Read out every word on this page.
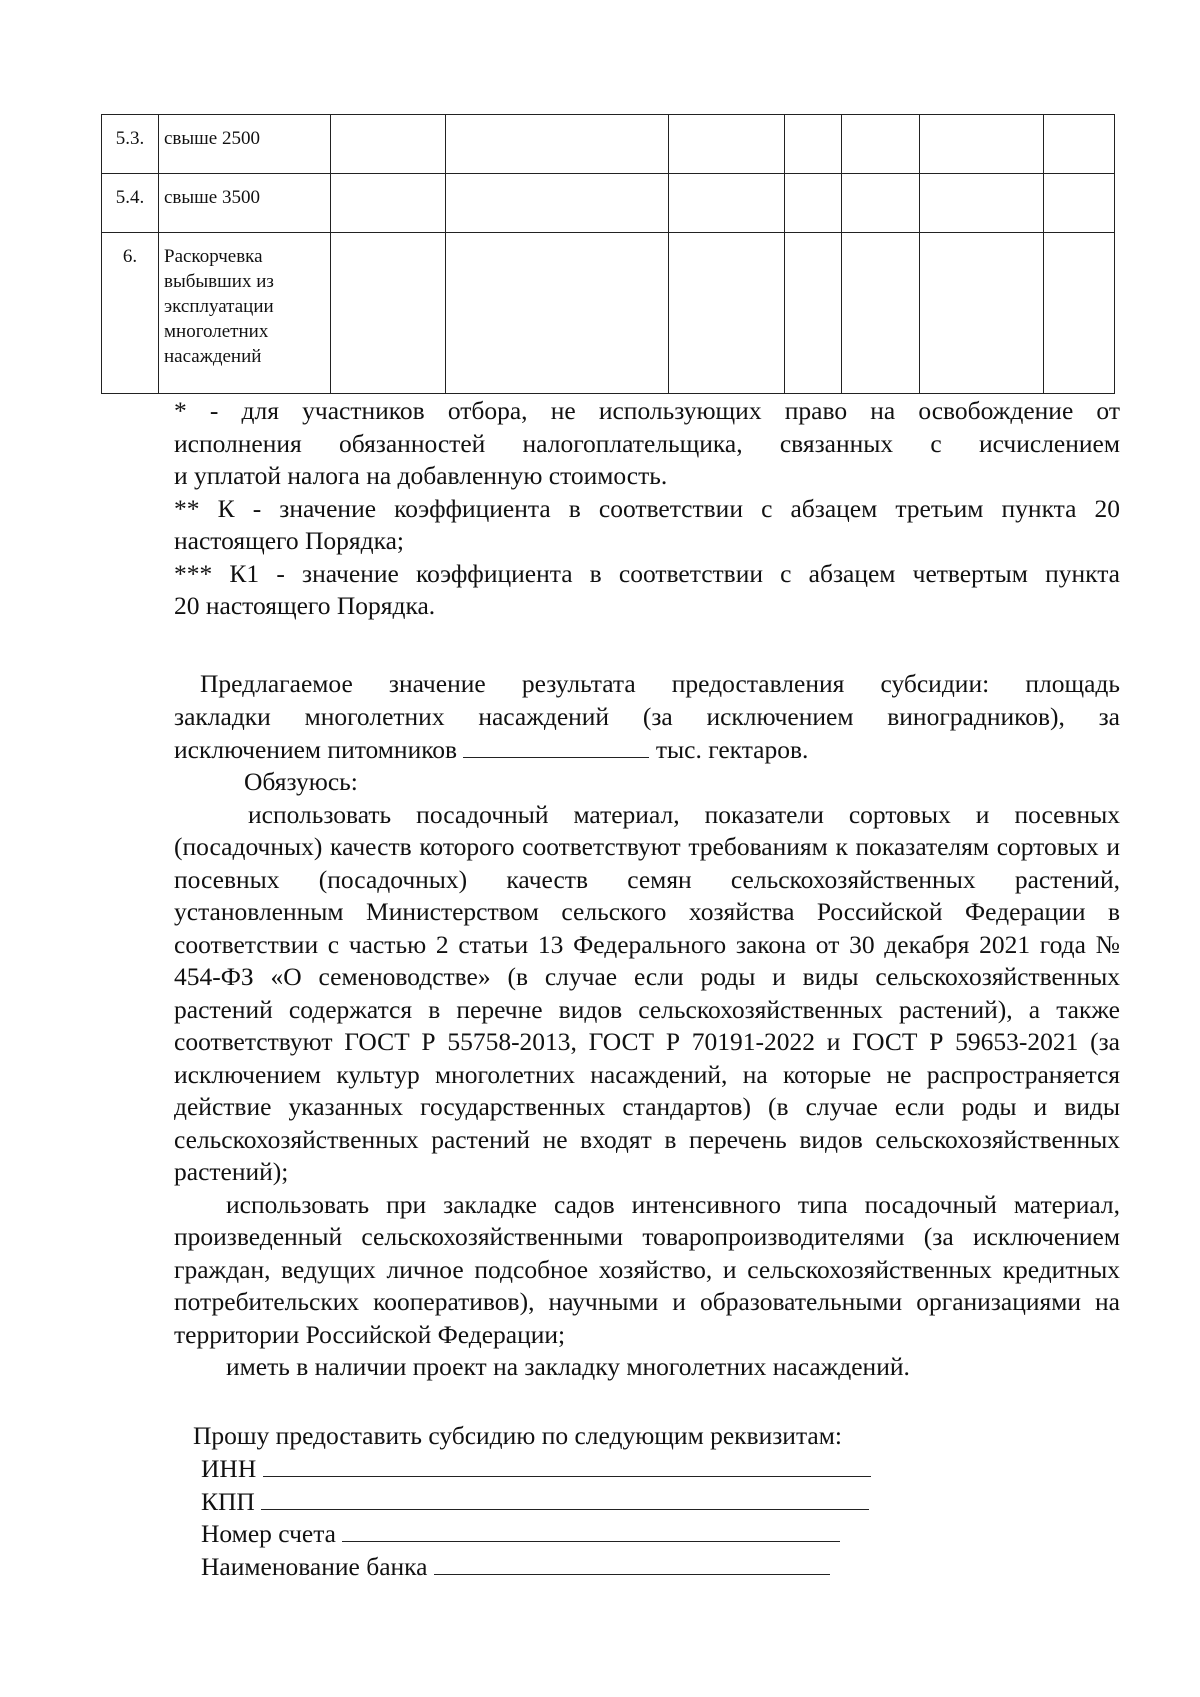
5.3.	свыше 2500							
5.4.	свыше 3500							
6.	Раскорчевка выбывших из эксплуатации многолетних насаждений							
* - для участников отбора, не использующих право на освобождение от
исполнения обязанностей налогоплательщика, связанных с исчислением
и уплатой налога на добавленную стоимость.
** К - значение коэффициента в соответствии с абзацем третьим пункта 20
настоящего Порядка;
*** К1 - значение коэффициента в соответствии с абзацем четвертым пункта
20 настоящего Порядка.
Предлагаемое значение результата предоставления субсидии: площадь
закладки многолетних насаждений (за исключением виноградников), за
исключением питомников	тыс. гектаров.
Обязуюсь:

использовать посадочный материал, показатели сортовых и посевных (посадочных) качеств которого соответствуют требованиям к показателям сортовых и посевных (посадочных) качеств семян сельскохозяйственных растений, установленным Министерством сельского хозяйства Российской Федерации в соответствии с частью 2 статьи 13 Федерального закона от 30 декабря 2021 года № 454-ФЗ «О семеноводстве» (в случае если роды и виды сельскохозяйственных растений содержатся в перечне видов сельскохозяйственных растений), а также соответствуют ГОСТ Р 55758-2013, ГОСТ Р 70191-2022 и ГОСТ Р 59653-2021 (за исключением культур многолетних насаждений, на которые не распространяется действие указанных государственных стандартов) (в случае если роды и виды сельскохозяйственных растений не входят в перечень видов сельскохозяйственных растений);

использовать при закладке садов интенсивного типа посадочный материал, произведенный сельскохозяйственными товаропроизводителями (за исключением граждан, ведущих личное подсобное хозяйство, и сельскохозяйственных кредитных потребительских кооперативов), научными и образовательными организациями на территории Российской Федерации;

иметь в наличии проект на закладку многолетних насаждений.
Прошу предоставить субсидию по следующим реквизитам:
ИНН
КПП
Номер счета
Наименование банка
